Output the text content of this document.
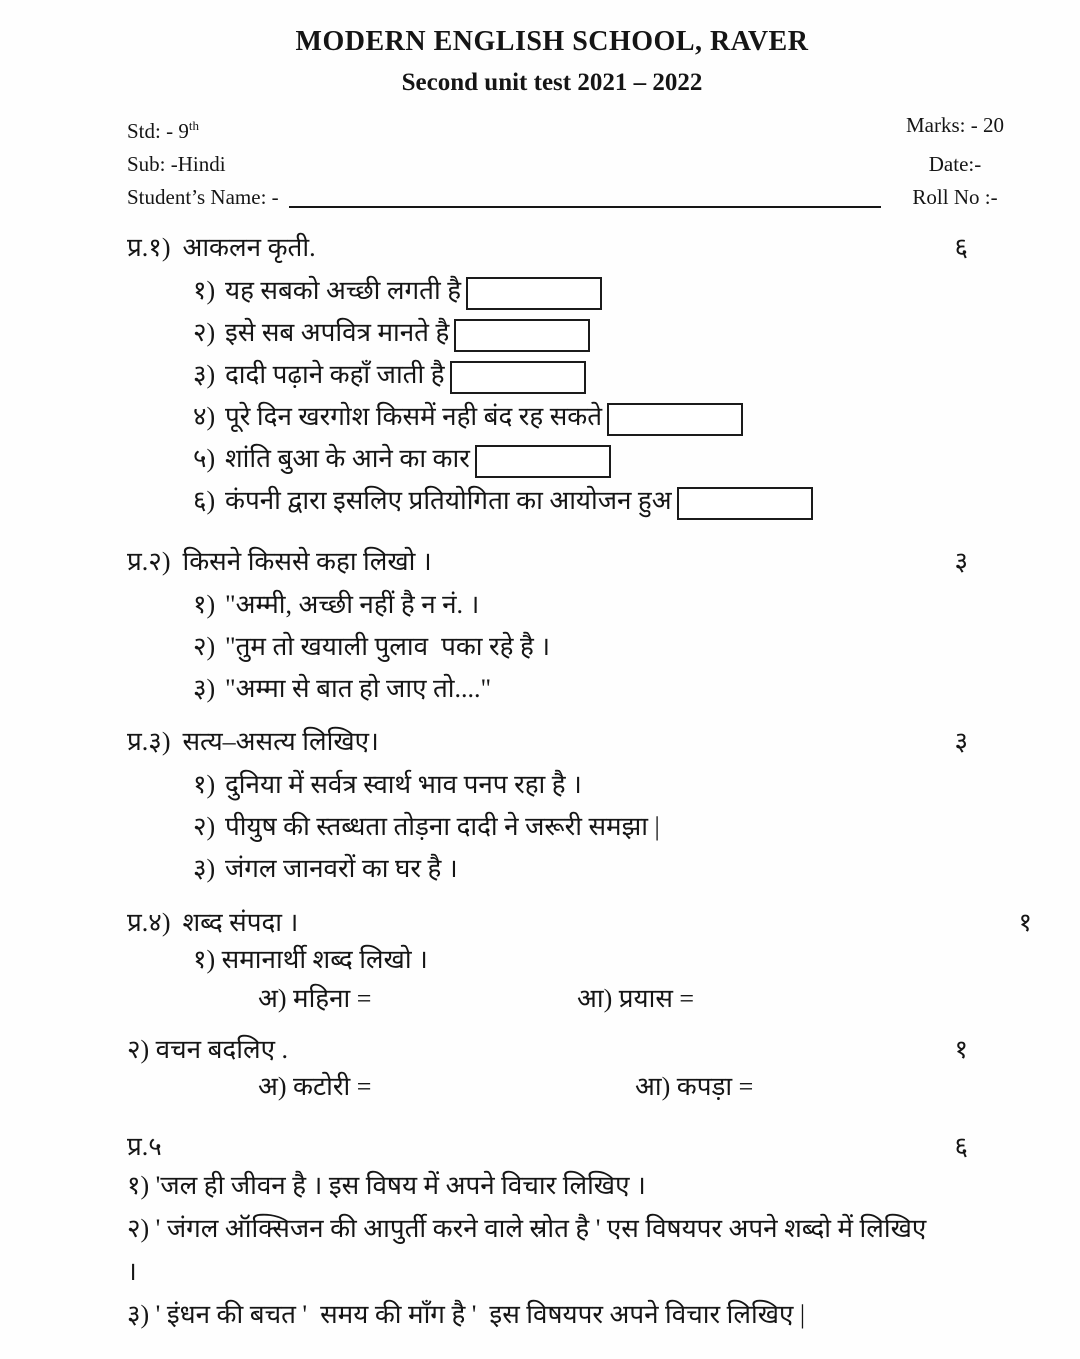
MODERN ENGLISH SCHOOL, RAVER
Second unit test 2021 – 2022
Std: - 9th	Marks: - 20
Sub: -Hindi	Date:-
Student’s Name: -	Roll No :-
प्र.१) आकलन कृती.	६
१) यह सबको अच्छी लगती है
२) इसे सब अपवित्र मानते है
३) दादी पढ़ाने कहाँ जाती है
४) पूरे दिन खरगोश किसमें नही बंद रह सकते
५) शांति बुआ के आने का कार
६) कंपनी द्वारा इसलिए प्रतियोगिता का आयोजन हुअ
प्र.२) किसने किससे कहा लिखो ।	३
१) "अम्मी, अच्छी नहीं है न नं. ।
२) "तुम तो खयाली पुलाव  पका रहे है ।
३) "अम्मा से बात हो जाए तो...."
प्र.३) सत्य–असत्य लिखिए।	३
१) दुनिया में सर्वत्र स्वार्थ भाव पनप रहा है ।
२) पीयुष की स्तब्धता तोड़ना दादी ने जरूरी समझा |
३) जंगल जानवरों का घर है ।
प्र.४) शब्द संपदा ।	१
१) समानार्थी शब्द लिखो ।
अ) महिना =	आ) प्रयास =
२) वचन बदलिए .	१
अ) कटोरी =	आ) कपड़ा =
प्र.५	६
१) 'जल ही जीवन है । इस विषय में अपने विचार लिखिए ।
२) ' जंगल ऑक्सिजन की आपुर्ती करने वाले स्रोत है ' एस विषयपर अपने शब्दो में लिखिए
।
३) ' इंधन की बचत '  समय की माँग है '  इस विषयपर अपने विचार लिखिए |
